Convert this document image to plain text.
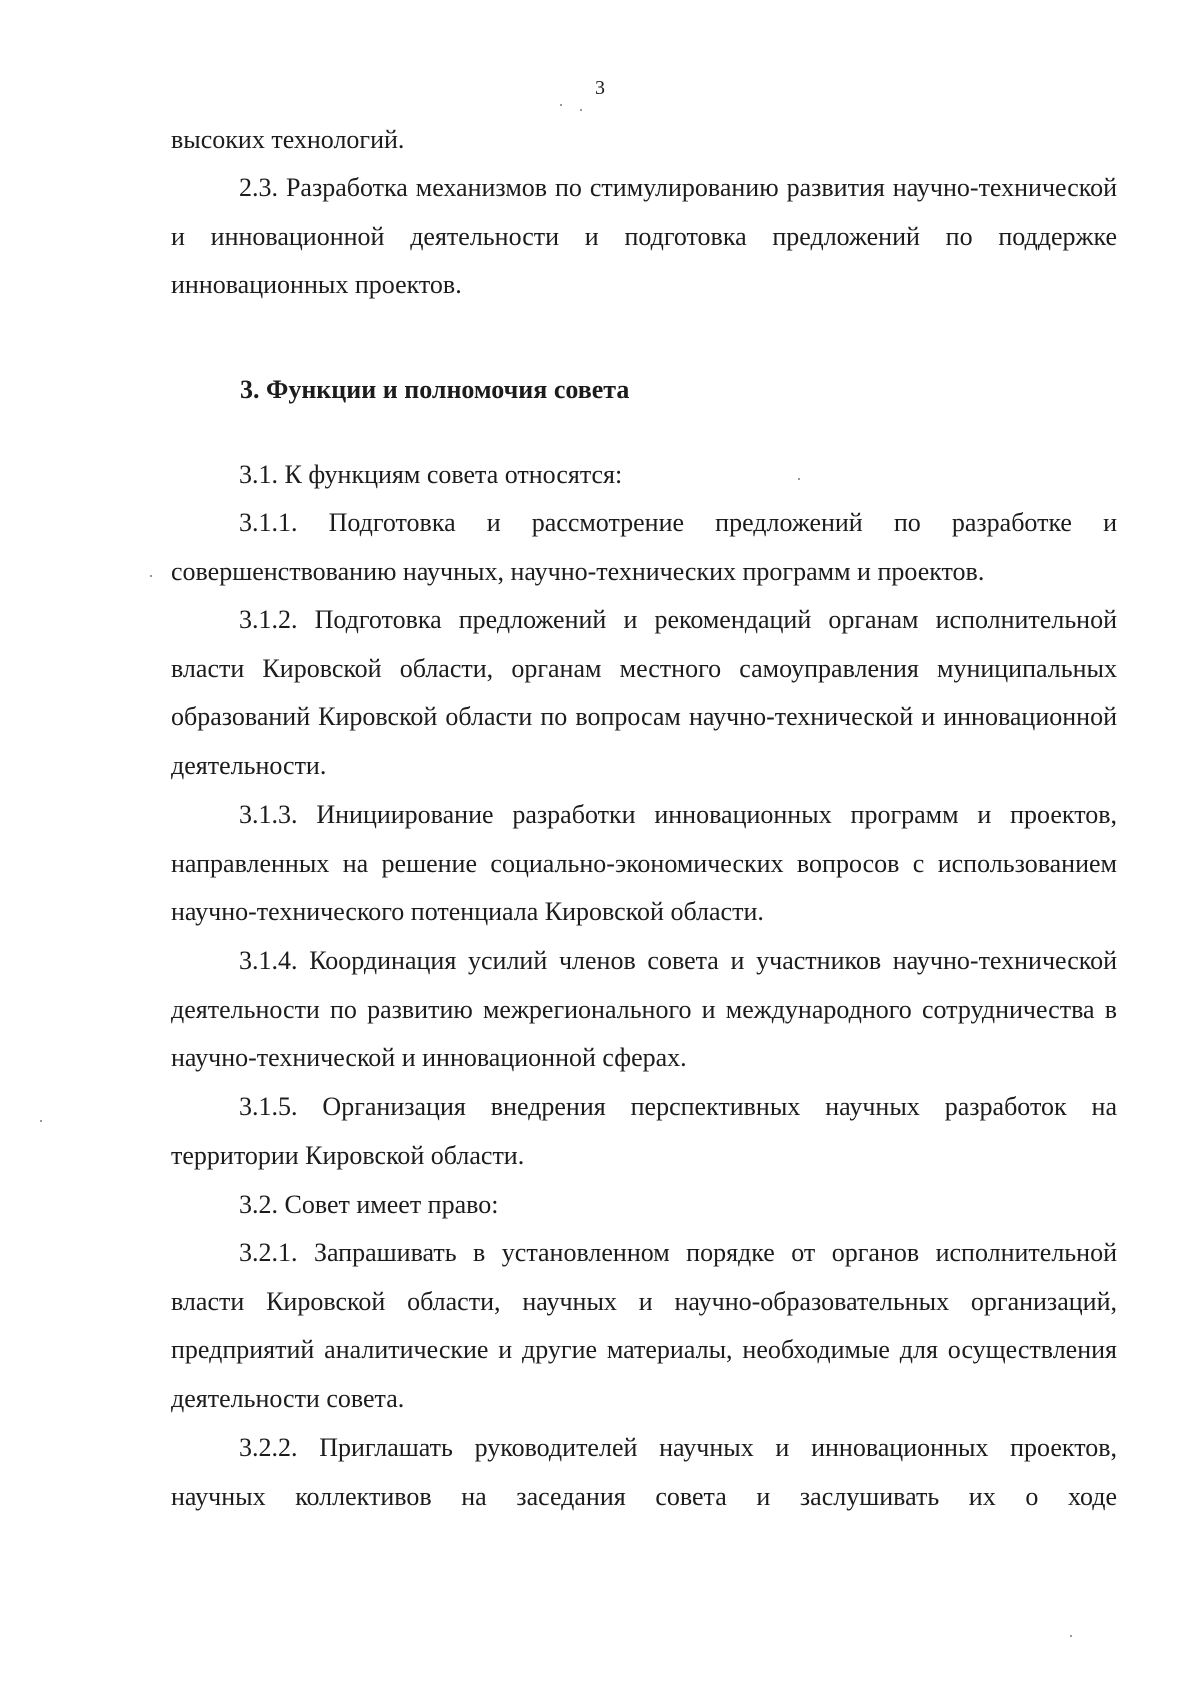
3

высоких технологий.

2.3. Разработка механизмов по стимулированию развития научно-технической и инновационной деятельности и подготовка предложений по поддержке инновационных проектов.

3. Функции и полномочия совета

3.1. К функциям совета относятся:

3.1.1. Подготовка и рассмотрение предложений по разработке и совершенствованию научных, научно-технических программ и проектов.

3.1.2. Подготовка предложений и рекомендаций органам исполнительной власти Кировской области, органам местного самоуправления муниципальных образований Кировской области по вопросам научно-технической и инновационной деятельности.

3.1.3. Инициирование разработки инновационных программ и проектов, направленных на решение социально-экономических вопросов с использованием научно-технического потенциала Кировской области.

3.1.4. Координация усилий членов совета и участников научно-технической деятельности по развитию межрегионального и международного сотрудничества в научно-технической и инновационной сферах.

3.1.5. Организация внедрения перспективных научных разработок на территории Кировской области.

3.2. Совет имеет право:

3.2.1. Запрашивать в установленном порядке от органов исполнительной власти Кировской области, научных и научно-образовательных организаций, предприятий аналитические и другие материалы, необходимые для осуществления деятельности совета.

3.2.2. Приглашать руководителей научных и инновационных проектов, научных коллективов на заседания совета и заслушивать их о ходе
